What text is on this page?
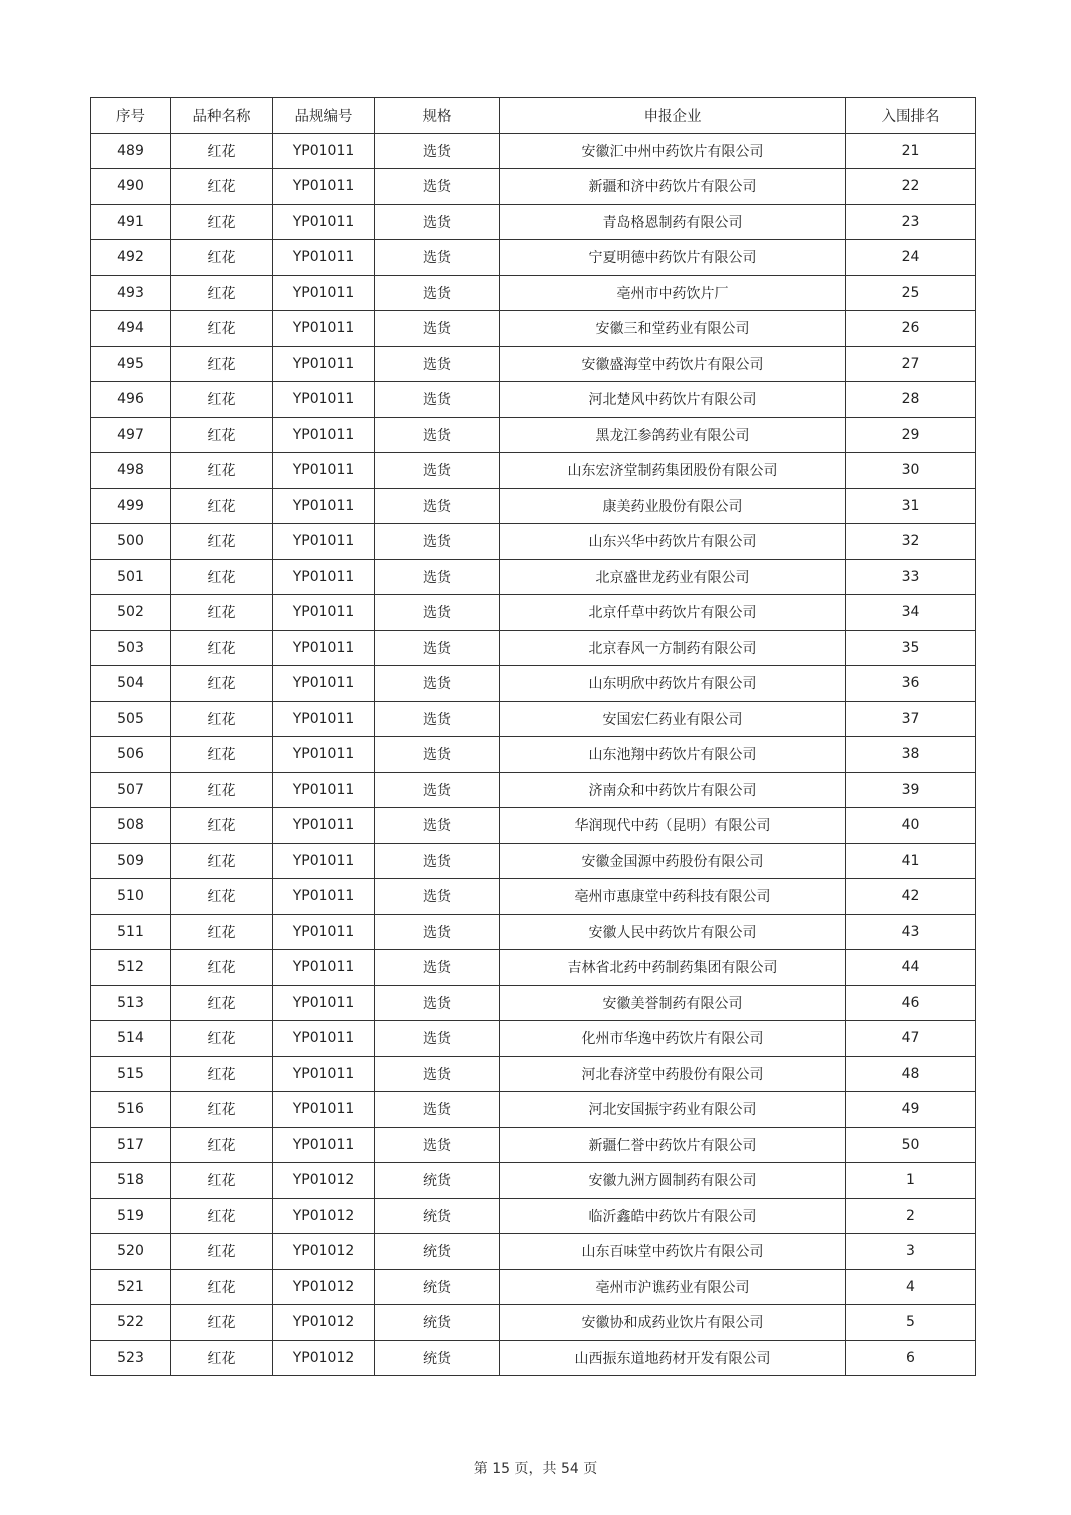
序号	品种名称	品规编号	规格	申报企业	入围排名
489	红花	YP01011	选货	安徽汇中州中药饮片有限公司	21
490	红花	YP01011	选货	新疆和济中药饮片有限公司	22
491	红花	YP01011	选货	青岛格恩制药有限公司	23
492	红花	YP01011	选货	宁夏明德中药饮片有限公司	24
493	红花	YP01011	选货	亳州市中药饮片厂	25
494	红花	YP01011	选货	安徽三和堂药业有限公司	26
495	红花	YP01011	选货	安徽盛海堂中药饮片有限公司	27
496	红花	YP01011	选货	河北楚风中药饮片有限公司	28
497	红花	YP01011	选货	黑龙江参鸽药业有限公司	29
498	红花	YP01011	选货	山东宏济堂制药集团股份有限公司	30
499	红花	YP01011	选货	康美药业股份有限公司	31
500	红花	YP01011	选货	山东兴华中药饮片有限公司	32
501	红花	YP01011	选货	北京盛世龙药业有限公司	33
502	红花	YP01011	选货	北京仟草中药饮片有限公司	34
503	红花	YP01011	选货	北京春风一方制药有限公司	35
504	红花	YP01011	选货	山东明欣中药饮片有限公司	36
505	红花	YP01011	选货	安国宏仁药业有限公司	37
506	红花	YP01011	选货	山东池翔中药饮片有限公司	38
507	红花	YP01011	选货	济南众和中药饮片有限公司	39
508	红花	YP01011	选货	华润现代中药（昆明）有限公司	40
509	红花	YP01011	选货	安徽金国源中药股份有限公司	41
510	红花	YP01011	选货	亳州市惠康堂中药科技有限公司	42
511	红花	YP01011	选货	安徽人民中药饮片有限公司	43
512	红花	YP01011	选货	吉林省北药中药制药集团有限公司	44
513	红花	YP01011	选货	安徽美誉制药有限公司	46
514	红花	YP01011	选货	化州市华逸中药饮片有限公司	47
515	红花	YP01011	选货	河北春济堂中药股份有限公司	48
516	红花	YP01011	选货	河北安国振宇药业有限公司	49
517	红花	YP01011	选货	新疆仁誉中药饮片有限公司	50
518	红花	YP01012	统货	安徽九洲方圆制药有限公司	1
519	红花	YP01012	统货	临沂鑫皓中药饮片有限公司	2
520	红花	YP01012	统货	山东百味堂中药饮片有限公司	3
521	红花	YP01012	统货	亳州市沪谯药业有限公司	4
522	红花	YP01012	统货	安徽协和成药业饮片有限公司	5
523	红花	YP01012	统货	山西振东道地药材开发有限公司	6
第 15 页，共 54 页
